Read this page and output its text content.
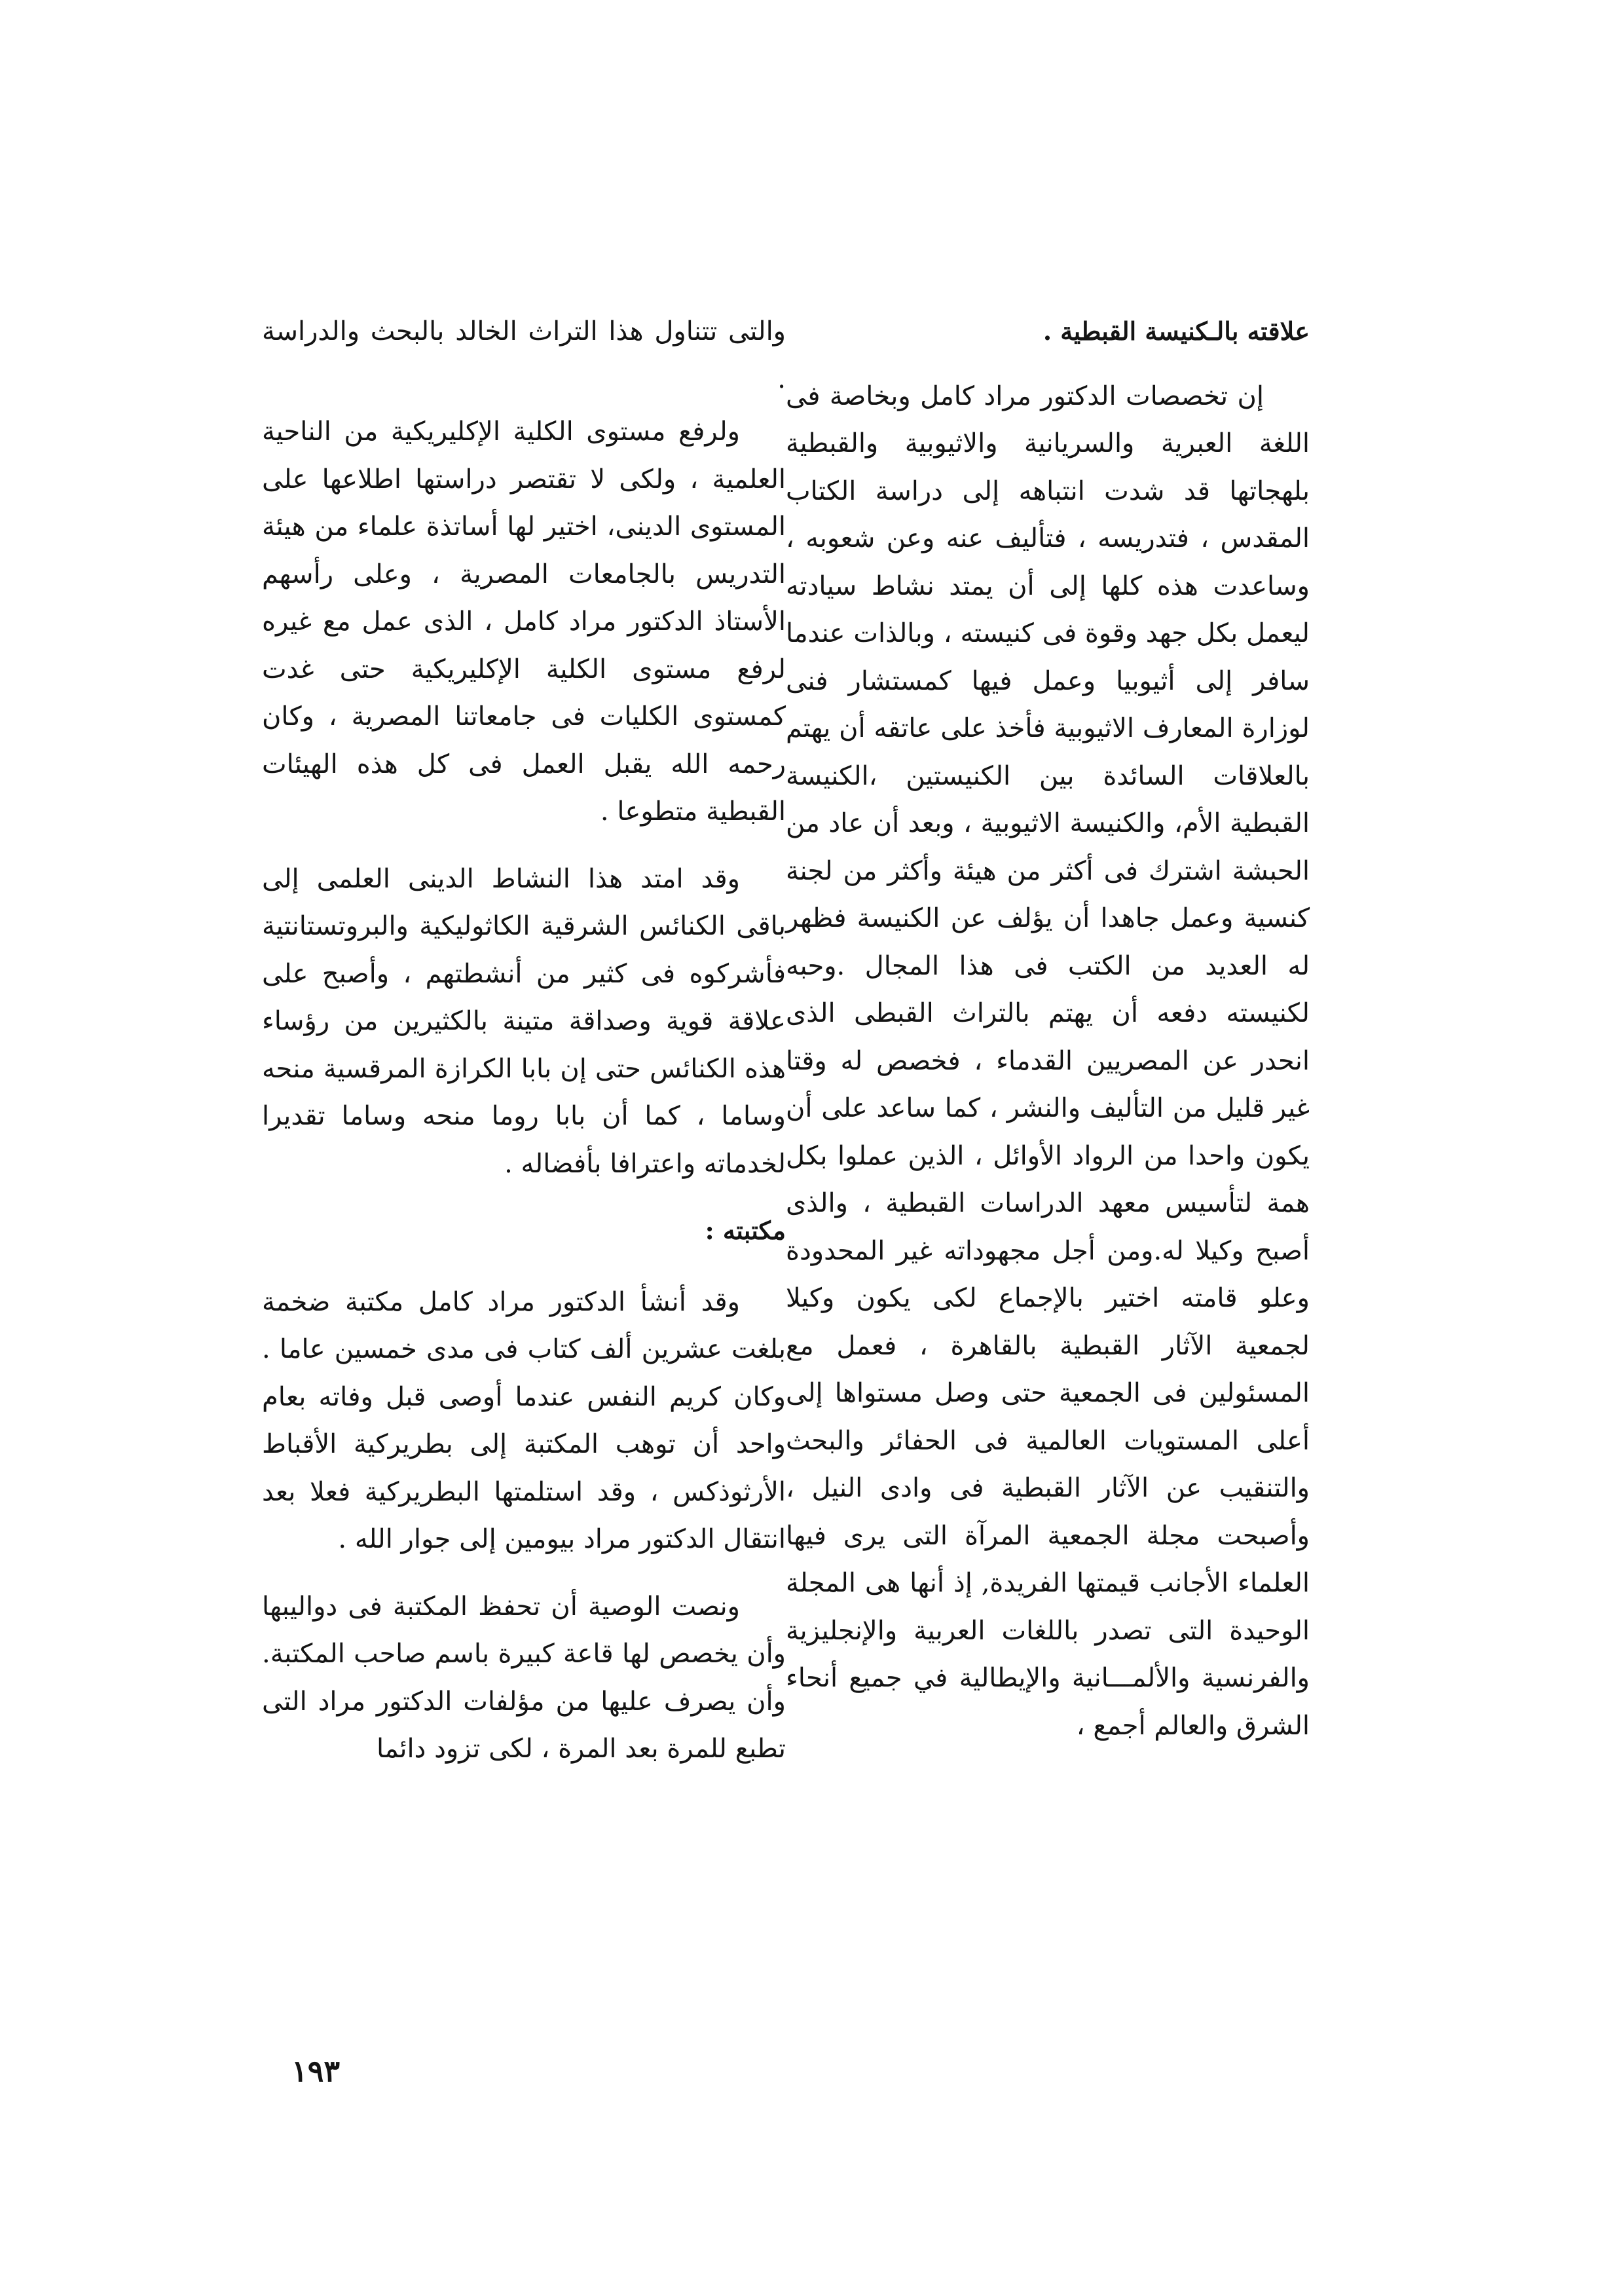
علاقته بالـكنيسة القبطية .

إن تخصصات الدكتور مراد كامل وبخاصة فى اللغة العبرية والسريانية والاثيوبية والقبطية بلهجاتها قد شدت انتباهه إلى دراسة الكتاب المقدس ، فتدريسه ، فتأليف عنه وعن شعوبه ، وساعدت هذه كلها إلى أن يمتد نشاط سيادته ليعمل بكل جهد وقوة فى كنيسته ، وبالذات عندما سافر إلى أثيوبيا وعمل فيها كمستشار فنى لوزارة المعارف الاثيوبية فأخذ على عاتقه أن يهتم بالعلاقات السائدة بين الكنيستين ،الكنيسة القبطية الأم، والكنيسة الاثيوبية ، وبعد أن عاد من الحبشة اشترك فى أكثر من هيئة وأكثر من لجنة كنسية وعمل جاهدا أن يؤلف عن الكنيسة فظهر له العديد من الكتب فى هذا المجال .وحبه لكنيسته دفعه أن يهتم بالتراث القبطى الذى انحدر عن المصريين القدماء ، فخصص له وقتا غير قليل من التأليف والنشر ، كما ساعد على أن يكون واحدا من الرواد الأوائل ، الذين عملوا بكل همة لتأسيس معهد الدراسات القبطية ، والذى أصبح وكيلا له.ومن أجل مجهوداته غير المحدودة وعلو قامته اختير بالإجماع لكى يكون وكيلا لجمعية الآثار القبطية بالقاهرة ، فعمل مع المسئولين فى الجمعية حتى وصل مستواها إلى أعلى المستويات العالمية فى الحفائر والبحث والتنقيب عن الآثار القبطية فى وادى النيل ، وأصبحت مجلة الجمعية المرآة التى يرى فيها العلماء الأجانب قيمتها الفريدة, إذ أنها هى المجلة الوحيدة التى تصدر باللغات العربية والإنجليزية والفرنسية والألمـــانية والإيطالية في جميع أنحاء الشرق والعالم أجمع ،

والتى تتناول هذا التراث الخالد بالبحث والدراسة .

ولرفع مستوى الكلية الإكليريكية من الناحية العلمية ، ولكى لا تقتصر دراستها اطلاعها على المستوى الدينى، اختير لها أساتذة علماء من هيئة التدريس بالجامعات المصرية ، وعلى رأسهم الأستاذ الدكتور مراد كامل ، الذى عمل مع غيره لرفع مستوى الكلية الإكليريكية حتى غدت كمستوى الكليات فى جامعاتنا المصرية ، وكان رحمه الله يقبل العمل فى كل هذه الهيئات القبطية متطوعا .

وقد امتد هذا النشاط الدينى العلمى إلى باقى الكنائس الشرقية الكاثوليكية والبروتستانتية فأشركوه فى كثير من أنشطتهم ، وأصبح على علاقة قوية وصداقة متينة بالكثيرين من رؤساء هذه الكنائس حتى إن بابا الكرازة المرقسية منحه وساما ، كما أن بابا روما منحه وساما تقديرا لخدماته واعترافا بأفضاله .

مكتبته :

وقد أنشأ الدكتور مراد كامل مكتبة ضخمة بلغت عشرين ألف كتاب فى مدى خمسين عاما . وكان كريم النفس عندما أوصى قبل وفاته بعام واحد أن توهب المكتبة إلى بطريركية الأقباط الأرثوذكس ، وقد استلمتها البطريركية فعلا بعد انتقال الدكتور مراد بيومين إلى جوار الله .

ونصت الوصية أن تحفظ المكتبة فى دواليبها وأن يخصص لها قاعة كبيرة باسم صاحب المكتبة. وأن يصرف عليها من مؤلفات الدكتور مراد التى تطبع للمرة بعد المرة ، لكى تزود دائما

١٩٣
